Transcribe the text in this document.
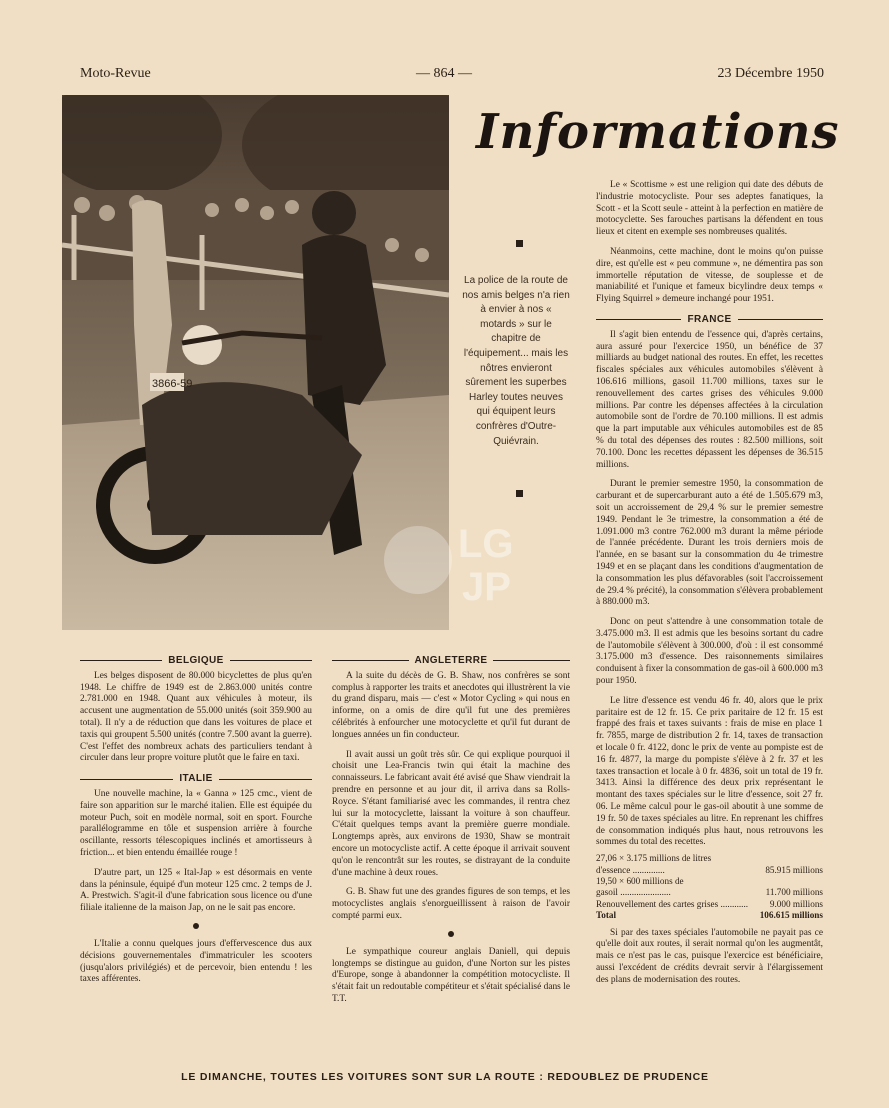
Moto-Revue	— 864 —	23 Décembre 1950
3866-59
Informations
La police de la route de nos amis belges n'a rien à envier à nos « motards » sur le chapitre de l'équipement... mais les nôtres envieront sûrement les superbes Harley toutes neuves qui équipent leurs confrères d'Outre-Quiévrain.

Le « Scottisme » est une religion qui date des débuts de l'industrie motocycliste. Pour ses adeptes fanatiques, la Scott - et la Scott seule - atteint à la perfection en matière de motocyclette. Ses farouches partisans la défendent en tous lieux et citent en exemple ses nombreuses qualités.

Néanmoins, cette machine, dont le moins qu'on puisse dire, est qu'elle est « peu commune », ne démentira pas son immortelle réputation de vitesse, de souplesse et de maniabilité et l'unique et fameux bicylindre deux temps « Flying Squirrel » demeure inchangé pour 1951.

FRANCE

Il s'agit bien entendu de l'essence qui, d'après certains, aura assuré pour l'exercice 1950, un bénéfice de 37 milliards au budget national des routes. En effet, les recettes fiscales spéciales aux véhicules automobiles s'élèvent à 106.616 millions, gasoil 11.700 millions, taxes sur le renouvellement des cartes grises des véhicules 9.000 millions. Par contre les dépenses affectées à la circulation automobile sont de l'ordre de 70.100 millions. Il est admis que la part imputable aux véhicules automobiles est de 85 % du total des dépenses des routes : 82.500 millions, soit 70.100. Donc les recettes dépassent les dépenses de 36.515 millions.

Durant le premier semestre 1950, la consommation de carburant et de supercarburant auto a été de 1.505.679 m3, soit un accroissement de 29,4 % sur le premier semestre 1949. Pendant le 3e trimestre, la consommation a été de 1.091.000 m3 contre 762.000 m3 durant la même période de l'année précédente. Durant les trois derniers mois de l'année, en se basant sur la consommation du 4e trimestre 1949 et en se plaçant dans les conditions d'augmentation de la consommation les plus défavorables (soit l'accroissement de 29.4 % précité), la consommation s'élèvera probablement à 880.000 m3.

Donc on peut s'attendre à une consommation totale de 3.475.000 m3. Il est admis que les besoins sortant du cadre de l'automobile s'élèvent à 300.000, d'où : il est consommé 3.175.000 m3 d'essence. Des raisonnements similaires conduisent à fixer la consommation de gas-oil à 600.000 m3 pour 1950.

Le litre d'essence est vendu 46 fr. 40, alors que le prix paritaire est de 12 fr. 15. Ce prix paritaire de 12 fr. 15 est frappé des frais et taxes suivants : frais de mise en place 1 fr. 7855, marge de distribution 2 fr. 14, taxes de transaction et locale 0 fr. 4122, donc le prix de vente au pompiste est de 16 fr. 4877, la marge du pompiste s'élève à 2 fr. 37 et les taxes transaction et locale à 0 fr. 4836, soit un total de 19 fr. 3413. Ainsi la différence des deux prix représentant le montant des taxes spéciales sur le litre d'essence, soit 27 fr. 06. Le même calcul pour le gas-oil aboutit à une somme de 19 fr. 50 de taxes spéciales au litre. En reprenant les chiffres de consommation indiqués plus haut, nous retrouvons les sommes du total des recettes.

27,06 × 3.175 millions de litres
d'essence ..............	85.915 millions
19,50 × 600 millions de
gasoil ......................	11.700 millions
Renouvellement des cartes grises ............ 9.000 millions
Total	106.615 millions

Si par des taxes spéciales l'automobile ne payait pas ce qu'elle doit aux routes, il serait normal qu'on les augmentât, mais ce n'est pas le cas, puisque l'exercice est bénéficiaire, aussi l'excédent de crédits devrait servir à l'élargissement des plans de modernisation des routes.

BELGIQUE

Les belges disposent de 80.000 bicyclettes de plus qu'en 1948. Le chiffre de 1949 est de 2.863.000 unités contre 2.781.000 en 1948. Quant aux véhicules à moteur, ils accusent une augmentation de 55.000 unités (soit 359.900 au total). Il n'y a de réduction que dans les voitures de place et taxis qui groupent 5.500 unités (contre 7.500 avant la guerre). C'est l'effet des nombreux achats des particuliers tendant à circuler dans leur propre voiture plutôt que le faire en taxi.

ITALIE

Une nouvelle machine, la « Ganna » 125 cmc., vient de faire son apparition sur le marché italien. Elle est équipée du moteur Puch, soit en modèle normal, soit en sport. Fourche parallélogramme en tôle et suspension arrière à fourche oscillante, ressorts télescopiques inclinés et amortisseurs à friction... et bien entendu émaillée rouge !

D'autre part, un 125 « Ital-Jap » est désormais en vente dans la péninsule, équipé d'un moteur 125 cmc. 2 temps de J. A. Prestwich. S'agit-il d'une fabrication sous licence ou d'une filiale italienne de la maison Jap, on ne le sait pas encore.

L'Italie a connu quelques jours d'effervescence dus aux décisions gouvernementales d'immatriculer les scooters (jusqu'alors privilégiés) et de percevoir, bien entendu ! les taxes afférentes.

ANGLETERRE

A la suite du décès de G. B. Shaw, nos confrères se sont complus à rapporter les traits et anecdotes qui illustrèrent la vie du grand disparu, mais — c'est « Motor Cycling » qui nous en informe, on a omis de dire qu'il fut une des premières célébrités à enfourcher une motocyclette et qu'il fut durant de longues années un fin conducteur.

Il avait aussi un goût très sûr. Ce qui explique pourquoi il choisit une Lea-Francis twin qui était la machine des connaisseurs. Le fabricant avait été avisé que Shaw viendrait la prendre en personne et au jour dit, il arriva dans sa Rolls-Royce. S'étant familiarisé avec les commandes, il rentra chez lui sur la motocyclette, laissant la voiture à son chauffeur. C'était quelques temps avant la première guerre mondiale. Longtemps après, aux environs de 1930, Shaw se montrait encore un motocycliste actif. A cette époque il arrivait souvent qu'on le rencontrât sur les routes, se distrayant de la conduite d'une machine à deux roues.

G. B. Shaw fut une des grandes figures de son temps, et les motocyclistes anglais s'enorgueillissent à raison de l'avoir compté parmi eux.

Le sympathique coureur anglais Daniell, qui depuis longtemps se distingue au guidon, d'une Norton sur les pistes d'Europe, songe à abandonner la compétition motocycliste. Il s'était fait un redoutable compétiteur et s'était spécialisé dans le T.T.

LG
JP
LE DIMANCHE, TOUTES LES VOITURES SONT SUR LA ROUTE : REDOUBLEZ DE PRUDENCE
